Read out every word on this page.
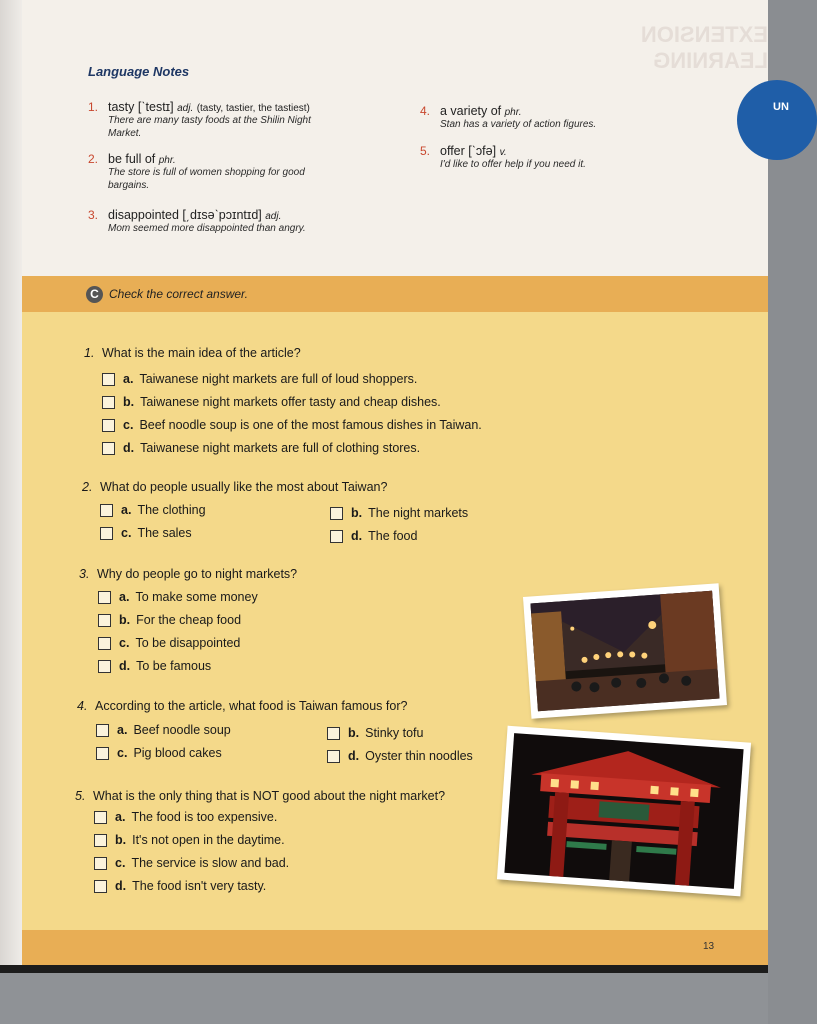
EXTENSION LEARNING
UN
Language Notes
1. tasty [ˋtestɪ] adj. (tasty, tastier, the tastiest)
There are many tasty foods at the Shilin Night Market.
2. be full of phr.
The store is full of women shopping for good bargains.
3. disappointed [͵dɪsəˋpɔɪntɪd] adj.
Mom seemed more disappointed than angry.
4. a variety of phr.
Stan has a variety of action figures.
5. offer [ˋɔfə] v.
I'd like to offer help if you need it.
C Check the correct answer.
1. What is the main idea of the article?
a. Taiwanese night markets are full of loud shoppers.
b. Taiwanese night markets offer tasty and cheap dishes.
c. Beef noodle soup is one of the most famous dishes in Taiwan.
d. Taiwanese night markets are full of clothing stores.
2. What do people usually like the most about Taiwan?
a. The clothing	b. The night markets
c. The sales	d. The food
3. Why do people go to night markets?
a. To make some money
b. For the cheap food
c. To be disappointed
d. To be famous
4. According to the article, what food is Taiwan famous for?
a. Beef noodle soup	b. Stinky tofu
c. Pig blood cakes	d. Oyster thin noodles
5. What is the only thing that is NOT good about the night market?
a. The food is too expensive.
b. It's not open in the daytime.
c. The service is slow and bad.
d. The food isn't very tasty.
13
